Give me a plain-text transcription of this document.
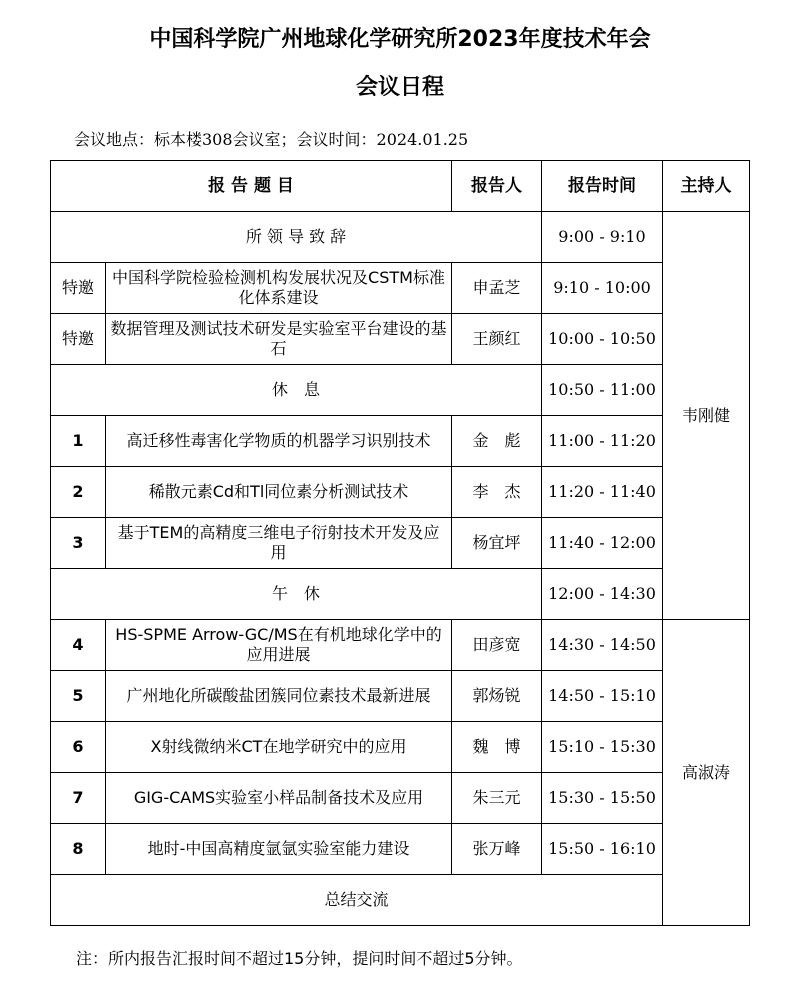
中国科学院广州地球化学研究所2023年度技术年会
会议日程
会议地点：标本楼308会议室；会议时间：2024.01.25
报 告 题 目		报告人	报告时间	主持人
所 领 导 致 辞			9:00 - 9:10	韦刚健
特邀	中国科学院检验检测机构发展状况及CSTM标准化体系建设	申孟芝	9:10 - 10:00	
特邀	数据管理及测试技术研发是实验室平台建设的基石	王颜红	10:00 - 10:50	
休　息			10:50 - 11:00	
1	高迁移性毒害化学物质的机器学习识别技术	金　彪	11:00 - 11:20	
2	稀散元素Cd和Tl同位素分析测试技术	李　杰	11:20 - 11:40	
3	基于TEM的高精度三维电子衍射技术开发及应用	杨宜坪	11:40 - 12:00	
午　休			12:00 - 14:30	
4	HS-SPME Arrow-GC/MS在有机地球化学中的应用进展	田彦宽	14:30 - 14:50	高淑涛
5	广州地化所碳酸盐团簇同位素技术最新进展	郭炀锐	14:50 - 15:10	
6	X射线微纳米CT在地学研究中的应用	魏　博	15:10 - 15:30	
7	GIG-CAMS实验室小样品制备技术及应用	朱三元	15:30 - 15:50	
8	地时-中国高精度氩氩实验室能力建设	张万峰	15:50 - 16:10	
总结交流				
注：所内报告汇报时间不超过15分钟，提问时间不超过5分钟。
